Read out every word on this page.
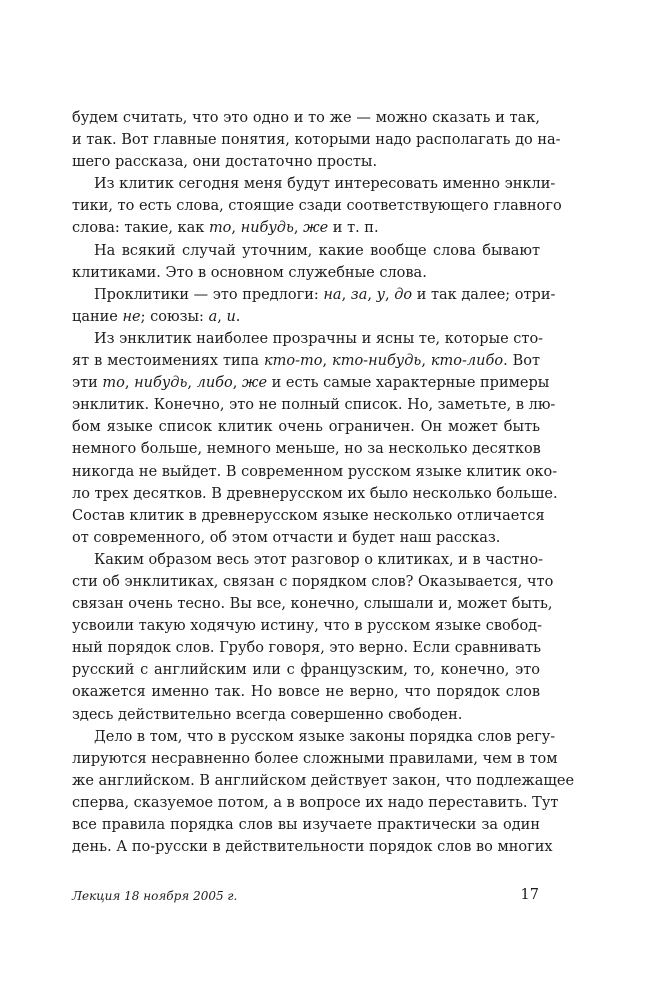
будем считать, что это одно и то же — можно сказать и так,
и так. Вот главные понятия, которыми надо располагать до на-
шего рассказа, они достаточно просты.
Из клитик сегодня меня будут интересовать именно энкли-
тики, то есть слова, стоящие сзади соответствующего главного
слова: такие, как то, нибудь, же и т. п.
На всякий случай уточним, какие вообще слова бывают
клитиками. Это в основном служебные слова.
Проклитики — это предлоги: на, за, у, до и так далее; отри-
цание не; союзы: а, и.
Из энклитик наиболее прозрачны и ясны те, которые сто-
ят в местоимениях типа кто-то, кто-нибудь, кто-либо. Вот
эти то, нибудь, либо, же и есть самые характерные примеры
энклитик. Конечно, это не полный список. Но, заметьте, в лю-
бом языке список клитик очень ограничен. Он может быть
немного больше, немного меньше, но за несколько десятков
никогда не выйдет. В современном русском языке клитик око-
ло трех десятков. В древнерусском их было несколько больше.
Состав клитик в древнерусском языке несколько отличается
от современного, об этом отчасти и будет наш рассказ.
Каким образом весь этот разговор о клитиках, и в частно-
сти об энклитиках, связан с порядком слов? Оказывается, что
связан очень тесно. Вы все, конечно, слышали и, может быть,
усвоили такую ходячую истину, что в русском языке свобод-
ный порядок слов. Грубо говоря, это верно. Если сравнивать
русский с английским или с французским, то, конечно, это
окажется именно так. Но вовсе не верно, что порядок слов
здесь действительно всегда совершенно свободен.
Дело в том, что в русском языке законы порядка слов регу-
лируются несравненно более сложными правилами, чем в том
же английском. В английском действует закон, что подлежащее
сперва, сказуемое потом, а в вопросе их надо переставить. Тут
все правила порядка слов вы изучаете практически за один
день. А по-русски в действительности порядок слов во многих
Лекция 18 ноября 2005 г.	17
